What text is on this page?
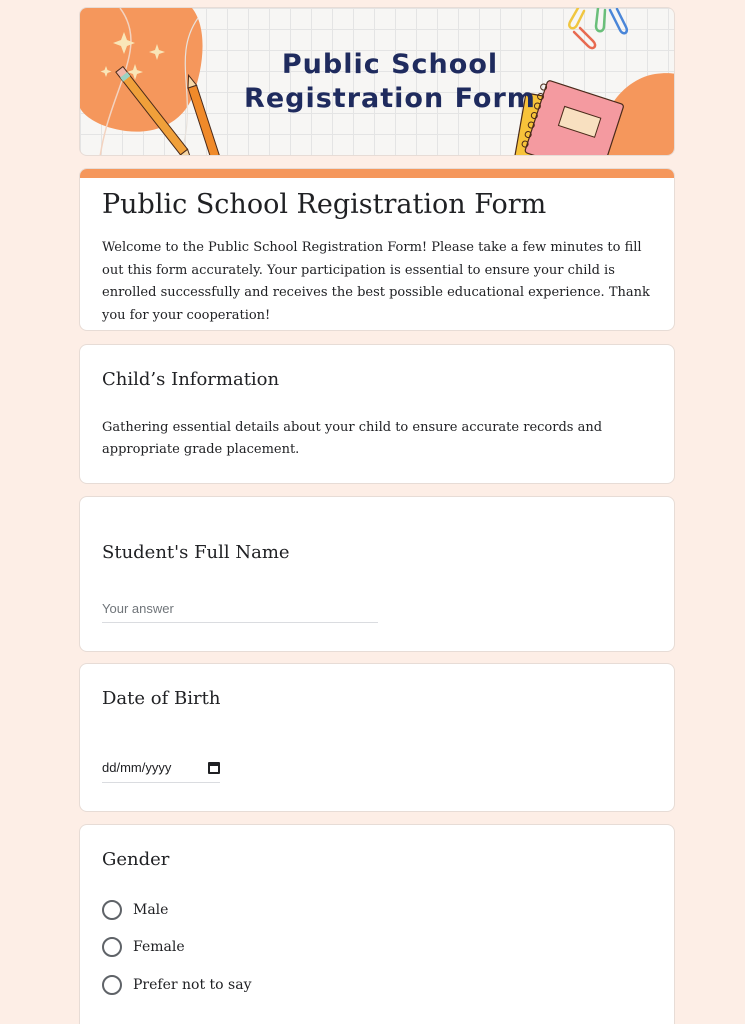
Public School
Registration Form
Public School Registration Form
Welcome to the Public School Registration Form! Please take a few minutes to fill out this form accurately. Your participation is essential to ensure your child is enrolled successfully and receives the best possible educational experience. Thank you for your cooperation!
Child’s Information
Gathering essential details about your child to ensure accurate records and appropriate grade placement.
Student's Full Name
Your answer
Date of Birth
dd/mm/yyyy
Gender
Male
Female
Prefer not to say
